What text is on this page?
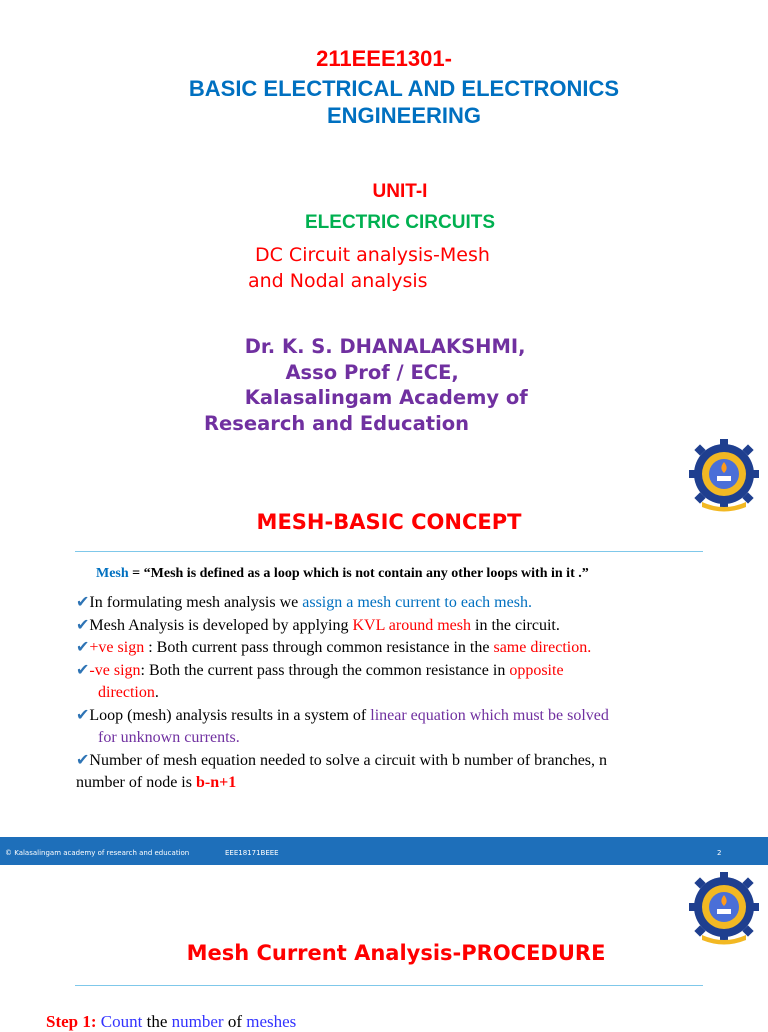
211EEE1301-
BASIC ELECTRICAL AND ELECTRONICS
ENGINEERING
UNIT-I
ELECTRIC CIRCUITS
DC Circuit analysis-Mesh
and Nodal analysis
Dr. K. S. DHANALAKSHMI,
Asso Prof / ECE,
Kalasalingam Academy of
Research and Education
MESH-BASIC CONCEPT
Mesh = “Mesh is defined as a loop which is not contain any other loops with in it .”
✔In formulating mesh analysis we assign a mesh current to each mesh.
✔Mesh Analysis is developed by applying KVL around mesh in the circuit.
✔+ve sign : Both current pass through common resistance in the same direction.
✔-ve sign: Both the current pass through the common resistance in opposite
direction.
✔Loop (mesh) analysis results in a system of linear equation which must be solved
for unknown currents.
✔Number of mesh equation needed to solve a circuit with b number of branches, n
number of node is b-n+1
© Kalasalingam academy of research and education	EEE18171BEEE	2
Mesh Current Analysis-PROCEDURE
Step 1: Count the number of meshes
